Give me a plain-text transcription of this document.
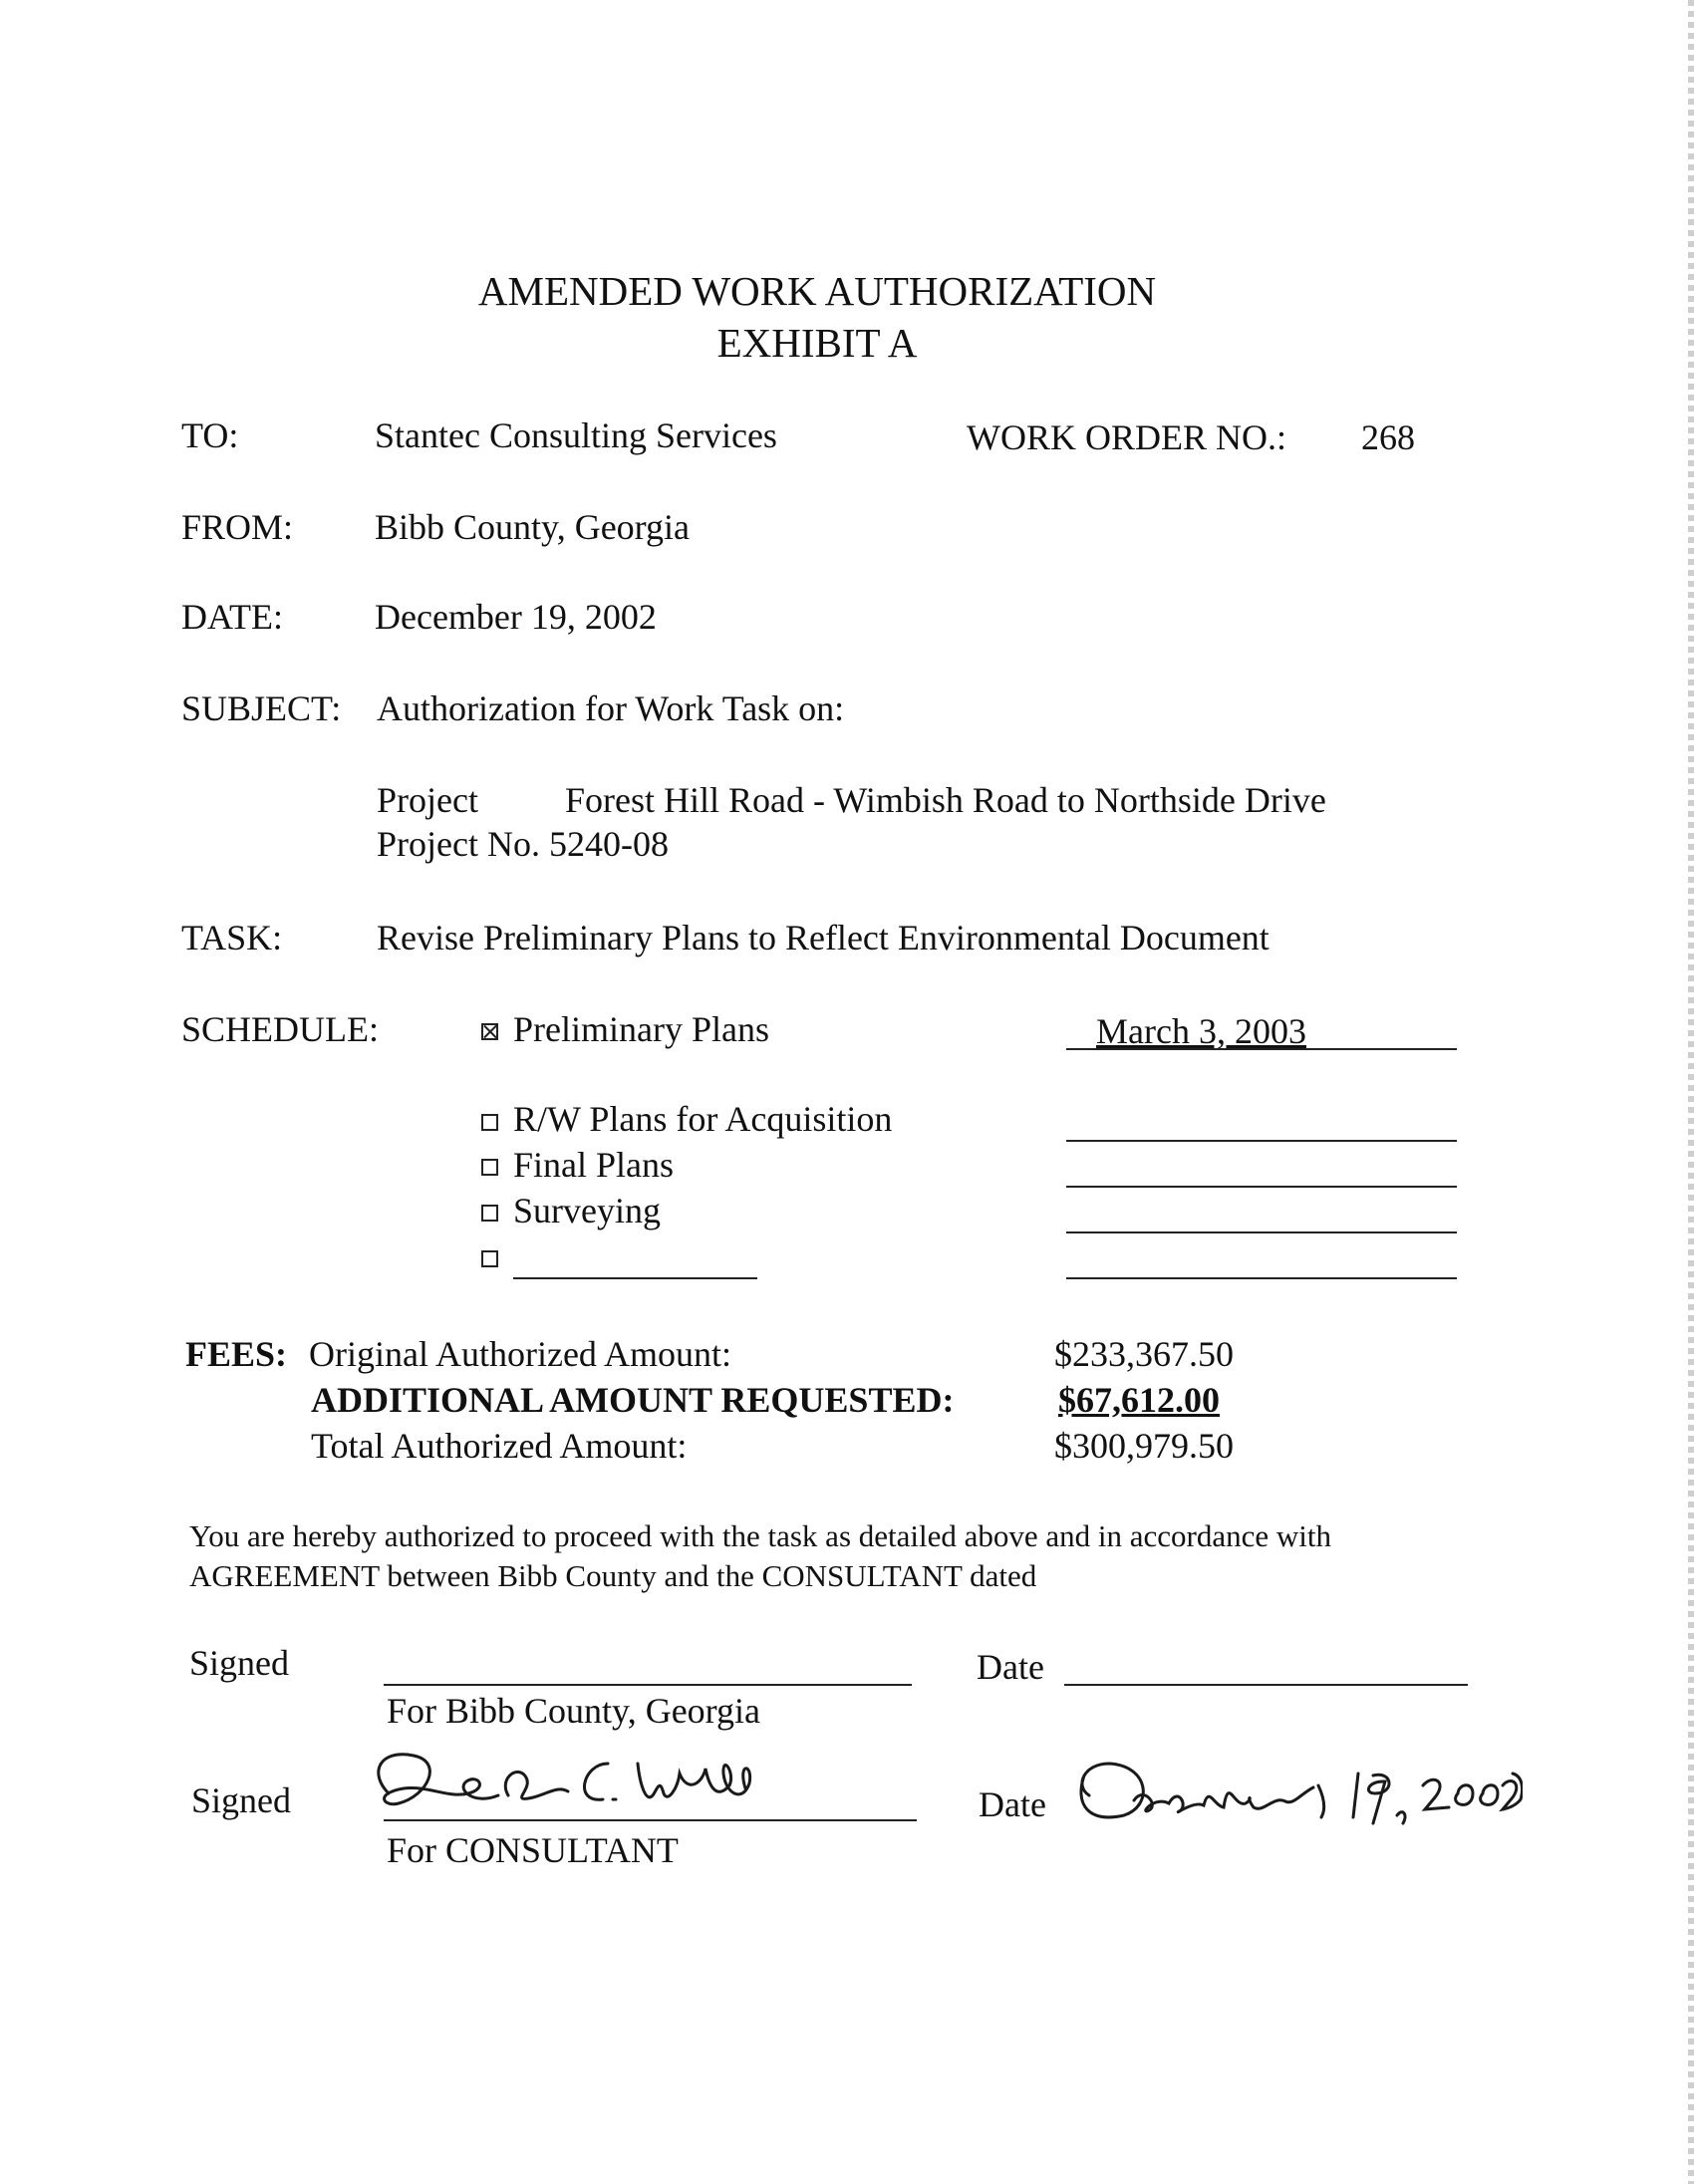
AMENDED WORK AUTHORIZATION
EXHIBIT A
TO:	Stantec Consulting Services	WORK ORDER NO.: 268
FROM: Bibb County, Georgia
DATE:	December 19, 2002
SUBJECT: Authorization for Work Task on:
Project Forest Hill Road - Wimbish Road to Northside Drive
Project No. 5240-08
TASK:	Revise Preliminary Plans to Reflect Environmental Document
SCHEDULE:	Preliminary Plans	March 3, 2003
R/W Plans for Acquisition
Final Plans
Surveying
FEES: Original Authorized Amount:	$233,367.50
ADDITIONAL AMOUNT REQUESTED:	$67,612.00
Total Authorized Amount:	$300,979.50
You are hereby authorized to proceed with the task as detailed above and in accordance with
AGREEMENT between Bibb County and the CONSULTANT dated
Signed	Date
For Bibb County, Georgia
Signed	Date
For CONSULTANT
